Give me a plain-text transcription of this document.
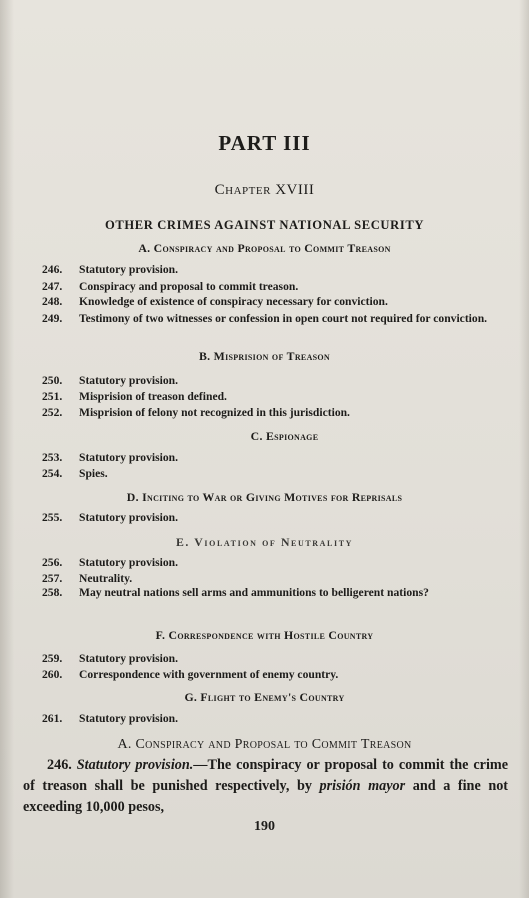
PART III
Chapter XVIII
OTHER CRIMES AGAINST NATIONAL SECURITY
A. Conspiracy and Proposal to Commit Treason
246.	Statutory provision.
247.	Conspiracy and proposal to commit treason.
248.	Knowledge of existence of conspiracy necessary for conviction.
249.	Testimony of two witnesses or confession in open court not required for conviction.
B. Misprision of Treason
250.	Statutory provision.
251.	Misprision of treason defined.
252.	Misprision of felony not recognized in this jurisdiction.
C. Espionage
253.	Statutory provision.
254.	Spies.
D. Inciting to War or Giving Motives for Reprisals
255.	Statutory provision.
E. Violation of Neutrality
256.	Statutory provision.
257.	Neutrality.
258.	May neutral nations sell arms and ammunitions to belligerent nations?
F. Correspondence with Hostile Country
259.	Statutory provision.
260.	Correspondence with government of enemy country.
G. Flight to Enemy's Country
261.	Statutory provision.
A. Conspiracy and Proposal to Commit Treason
246. Statutory provision.—The conspiracy or proposal to commit the crime of treason shall be punished respectively, by prisión mayor and a fine not exceeding 10,000 pesos,
190
